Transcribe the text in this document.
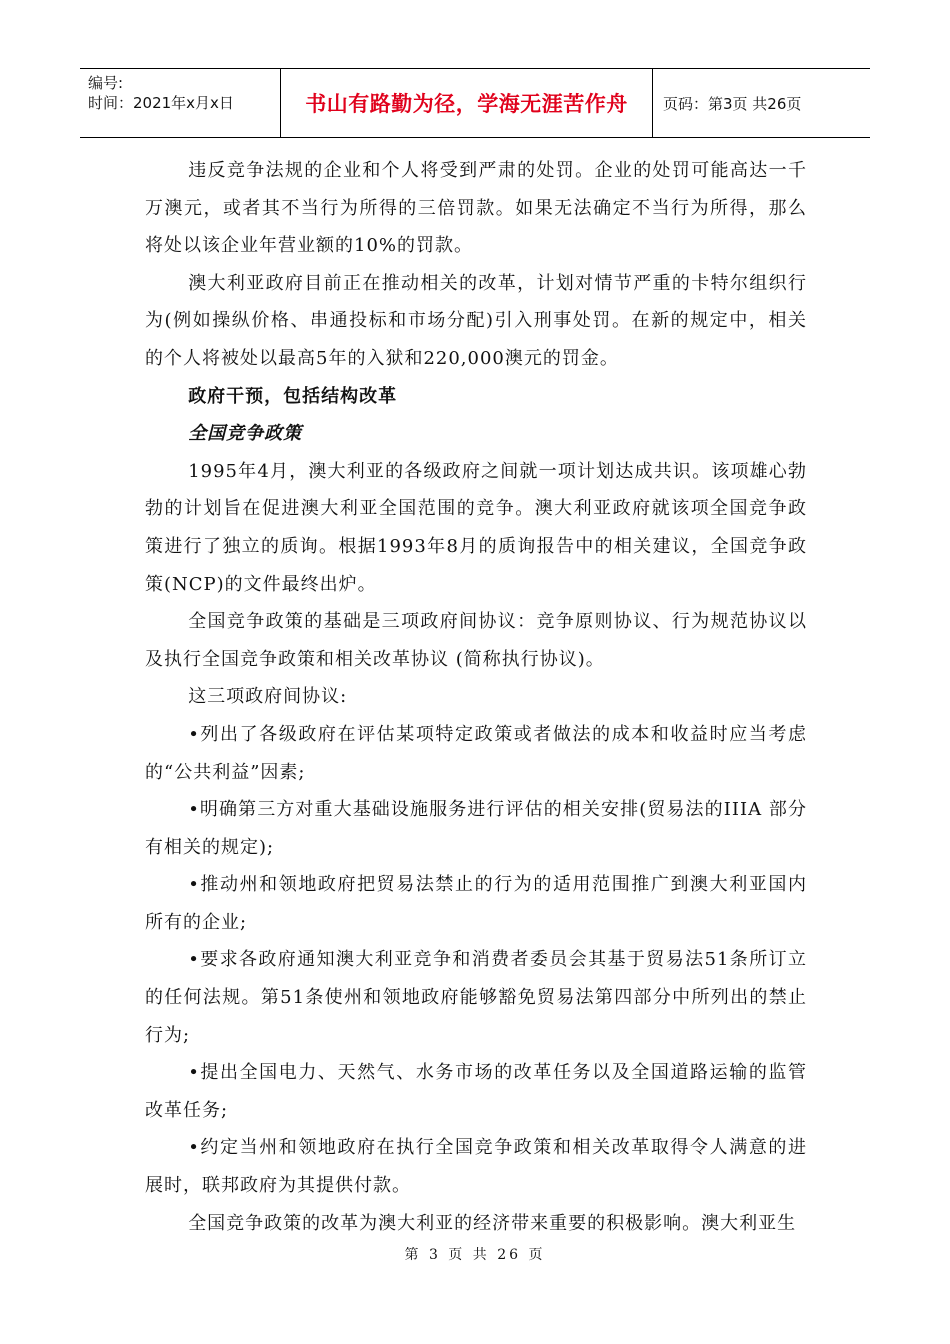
编号:
时间：2021年x月x日	书山有路勤为径，学海无涯苦作舟	页码：第3页 共26页

违反竞争法规的企业和个人将受到严肃的处罚。企业的处罚可能高达一千万澳元，或者其不当行为所得的三倍罚款。如果无法确定不当行为所得，那么将处以该企业年营业额的10%的罚款。

澳大利亚政府目前正在推动相关的改革，计划对情节严重的卡特尔组织行为(例如操纵价格、串通投标和市场分配)引入刑事处罚。在新的规定中，相关的个人将被处以最高5年的入狱和220,000澳元的罚金。

政府干预，包括结构改革

全国竞争政策

1995年4月，澳大利亚的各级政府之间就一项计划达成共识。该项雄心勃勃的计划旨在促进澳大利亚全国范围的竞争。澳大利亚政府就该项全国竞争政策进行了独立的质询。根据1993年8月的质询报告中的相关建议，全国竞争政策(NCP)的文件最终出炉。

全国竞争政策的基础是三项政府间协议：竞争原则协议、行为规范协议以及执行全国竞争政策和相关改革协议 (简称执行协议)。

这三项政府间协议:

•列出了各级政府在评估某项特定政策或者做法的成本和收益时应当考虑的“公共利益”因素;

•明确第三方对重大基础设施服务进行评估的相关安排(贸易法的IIIA 部分有相关的规定);

•推动州和领地政府把贸易法禁止的行为的适用范围推广到澳大利亚国内所有的企业;

•要求各政府通知澳大利亚竞争和消费者委员会其基于贸易法51条所订立的任何法规。第51条使州和领地政府能够豁免贸易法第四部分中所列出的禁止行为;

•提出全国电力、天然气、水务市场的改革任务以及全国道路运输的监管改革任务;

•约定当州和领地政府在执行全国竞争政策和相关改革取得令人满意的进展时，联邦政府为其提供付款。

全国竞争政策的改革为澳大利亚的经济带来重要的积极影响。澳大利亚生

第 3 页 共 26 页
